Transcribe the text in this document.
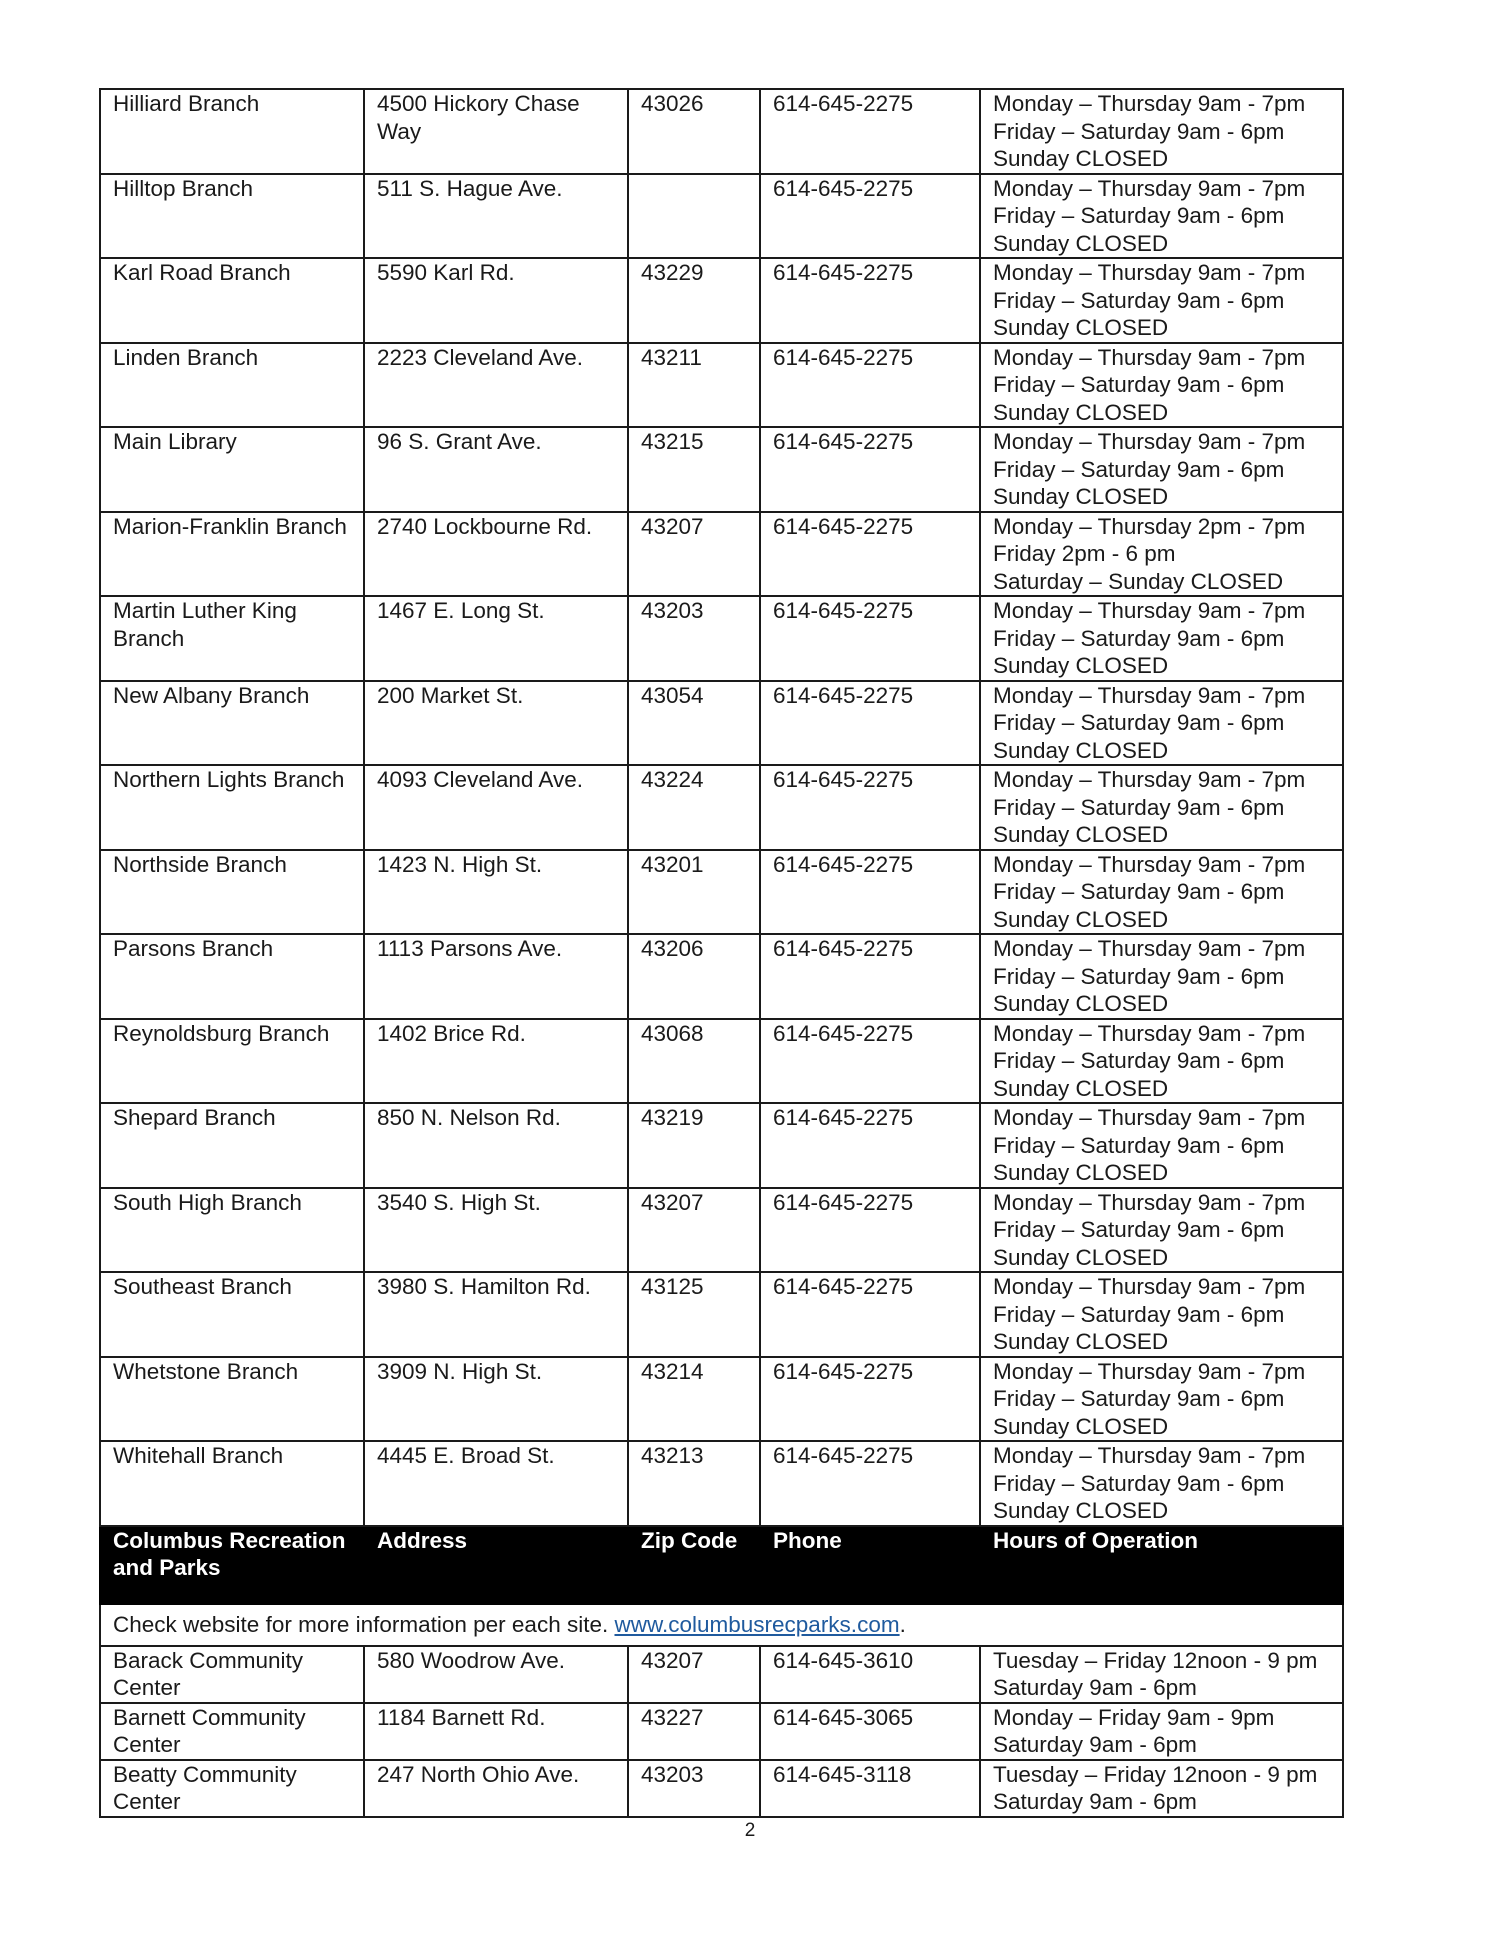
Hilliard Branch	4500 Hickory Chase Way	43026	614-645-2275	Monday – Thursday 9am - 7pm
Friday – Saturday 9am - 6pm
Sunday CLOSED
Hilltop Branch	511 S. Hague Ave.		614-645-2275	Monday – Thursday 9am - 7pm
Friday – Saturday 9am - 6pm
Sunday CLOSED
Karl Road Branch	5590 Karl Rd.	43229	614-645-2275	Monday – Thursday 9am - 7pm
Friday – Saturday 9am - 6pm
Sunday CLOSED
Linden Branch	2223 Cleveland Ave.	43211	614-645-2275	Monday – Thursday 9am - 7pm
Friday – Saturday 9am - 6pm
Sunday CLOSED
Main Library	96 S. Grant Ave.	43215	614-645-2275	Monday – Thursday 9am - 7pm
Friday – Saturday 9am - 6pm
Sunday CLOSED
Marion-Franklin Branch	2740 Lockbourne Rd.	43207	614-645-2275	Monday – Thursday 2pm - 7pm
Friday 2pm - 6 pm
Saturday – Sunday CLOSED
Martin Luther King Branch	1467 E. Long St.	43203	614-645-2275	Monday – Thursday 9am - 7pm
Friday – Saturday 9am - 6pm
Sunday CLOSED
New Albany Branch	200 Market St.	43054	614-645-2275	Monday – Thursday 9am - 7pm
Friday – Saturday 9am - 6pm
Sunday CLOSED
Northern Lights Branch	4093 Cleveland Ave.	43224	614-645-2275	Monday – Thursday 9am - 7pm
Friday – Saturday 9am - 6pm
Sunday CLOSED
Northside Branch	1423 N. High St.	43201	614-645-2275	Monday – Thursday 9am - 7pm
Friday – Saturday 9am - 6pm
Sunday CLOSED
Parsons Branch	1113 Parsons Ave.	43206	614-645-2275	Monday – Thursday 9am - 7pm
Friday – Saturday 9am - 6pm
Sunday CLOSED
Reynoldsburg Branch	1402 Brice Rd.	43068	614-645-2275	Monday – Thursday 9am - 7pm
Friday – Saturday 9am - 6pm
Sunday CLOSED
Shepard Branch	850 N. Nelson Rd.	43219	614-645-2275	Monday – Thursday 9am - 7pm
Friday – Saturday 9am - 6pm
Sunday CLOSED
South High Branch	3540 S. High St.	43207	614-645-2275	Monday – Thursday 9am - 7pm
Friday – Saturday 9am - 6pm
Sunday CLOSED
Southeast Branch	3980 S. Hamilton Rd.	43125	614-645-2275	Monday – Thursday 9am - 7pm
Friday – Saturday 9am - 6pm
Sunday CLOSED
Whetstone Branch	3909 N. High St.	43214	614-645-2275	Monday – Thursday 9am - 7pm
Friday – Saturday 9am - 6pm
Sunday CLOSED
Whitehall Branch	4445 E. Broad St.	43213	614-645-2275	Monday – Thursday 9am - 7pm
Friday – Saturday 9am - 6pm
Sunday CLOSED
Columbus Recreation and Parks	Address	Zip Code	Phone	Hours of Operation
Check website for more information per each site. www.columbusrecparks.com.				
Barack Community Center	580 Woodrow Ave.	43207	614-645-3610	Tuesday – Friday 12noon - 9 pm
Saturday 9am - 6pm
Barnett Community Center	1184 Barnett Rd.	43227	614-645-3065	Monday – Friday 9am - 9pm
Saturday 9am - 6pm
Beatty Community Center	247 North Ohio Ave.	43203	614-645-3118	Tuesday – Friday 12noon - 9 pm
Saturday 9am - 6pm
2
